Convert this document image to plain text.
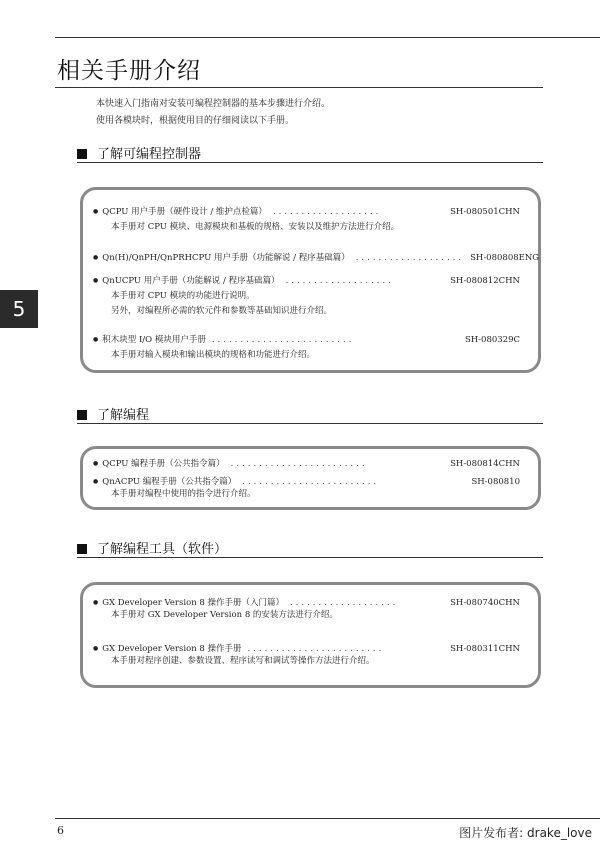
相关手册介绍
本快速入门指南对安装可编程控制器的基本步骤进行介绍。
使用各模块时，根据使用目的仔细阅读以下手册。
了解可编程控制器
● QCPU 用户手册（硬件设计 / 维护点检篇） ...................	SH-080501CHN
本手册对 CPU 模块、电源模块和基板的规格、安装以及维护方法进行介绍。
● Qn(H)/QnPH/QnPRHCPU 用户手册（功能解说 / 程序基础篇） ................... SH-080808ENG
● QnUCPU 用户手册（功能解说 / 程序基础篇） ...................	SH-080812CHN
本手册对 CPU 模块的功能进行说明。
另外，对编程所必需的软元件和参数等基础知识进行介绍。
● 积木块型 I/O 模块用户手册 .........................	SH-080329C
本手册对输入模块和输出模块的规格和功能进行介绍。
5
了解编程
● QCPU 编程手册（公共指令篇） ........................	SH-080814CHN
● QnACPU 编程手册（公共指令篇） ........................	SH-080810
本手册对编程中使用的指令进行介绍。
了解编程工具（软件）
● GX Developer Version 8 操作手册（入门篇） ...................	SH-080740CHN
本手册对 GX Developer Version 8 的安装方法进行介绍。
● GX Developer Version 8 操作手册 ........................	SH-080311CHN
本手册对程序创建、参数设置、程序读写和调试等操作方法进行介绍。
6	图片发布者: drake_love
